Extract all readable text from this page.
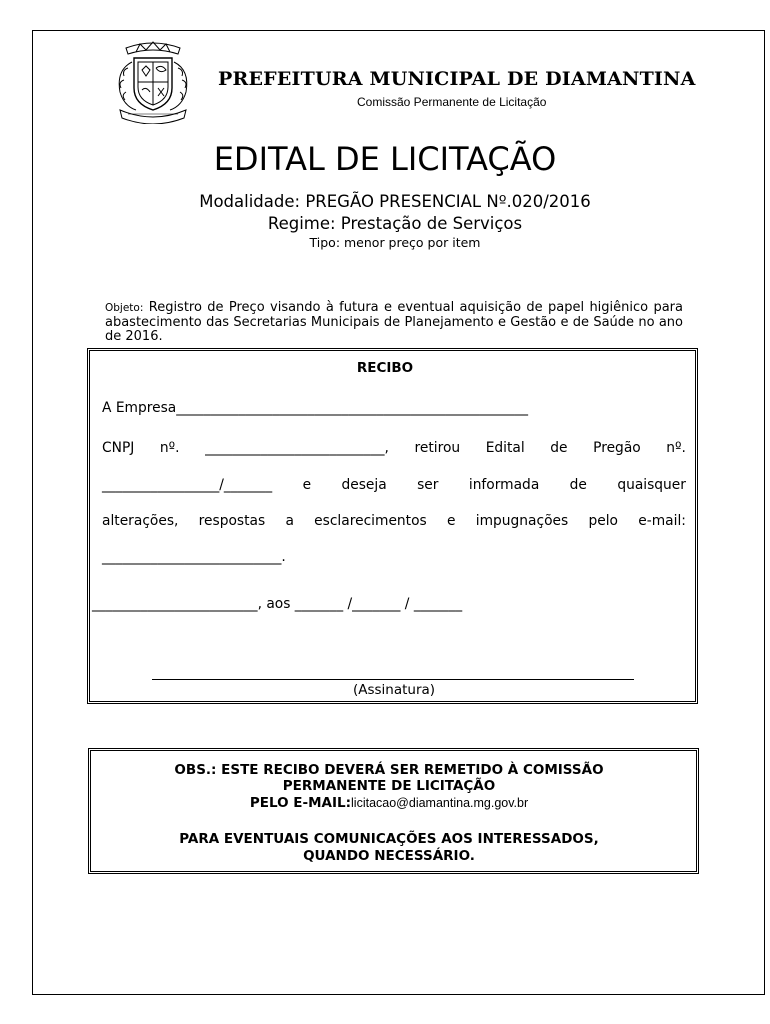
PREFEITURA MUNICIPAL DE DIAMANTINA
Comissão Permanente de Licitação
EDITAL DE LICITAÇÃO
Modalidade: PREGÃO PRESENCIAL Nº.020/2016
Regime: Prestação de Serviços
Tipo: menor preço por item
Objeto: Registro de Preço visando à futura e eventual aquisição de papel higiênico para abastecimento das Secretarias Municipais de Planejamento e Gestão e de Saúde no ano de 2016.
RECIBO
A Empresa___________________________________________________
CNPJ nº. __________________________, retirou Edital de Pregão nº.
_________________/_______ e deseja ser informada de quaisquer
alterações, respostas a esclarecimentos e impugnações pelo e-mail:
__________________________.
________________________, aos _______ /_______ / _______
(Assinatura)
OBS.: ESTE RECIBO DEVERÁ SER REMETIDO À COMISSÃO
PERMANENTE DE LICITAÇÃO
PELO E-MAIL:licitacao@diamantina.mg.gov.br
PARA EVENTUAIS COMUNICAÇÕES AOS INTERESSADOS,
QUANDO NECESSÁRIO.
